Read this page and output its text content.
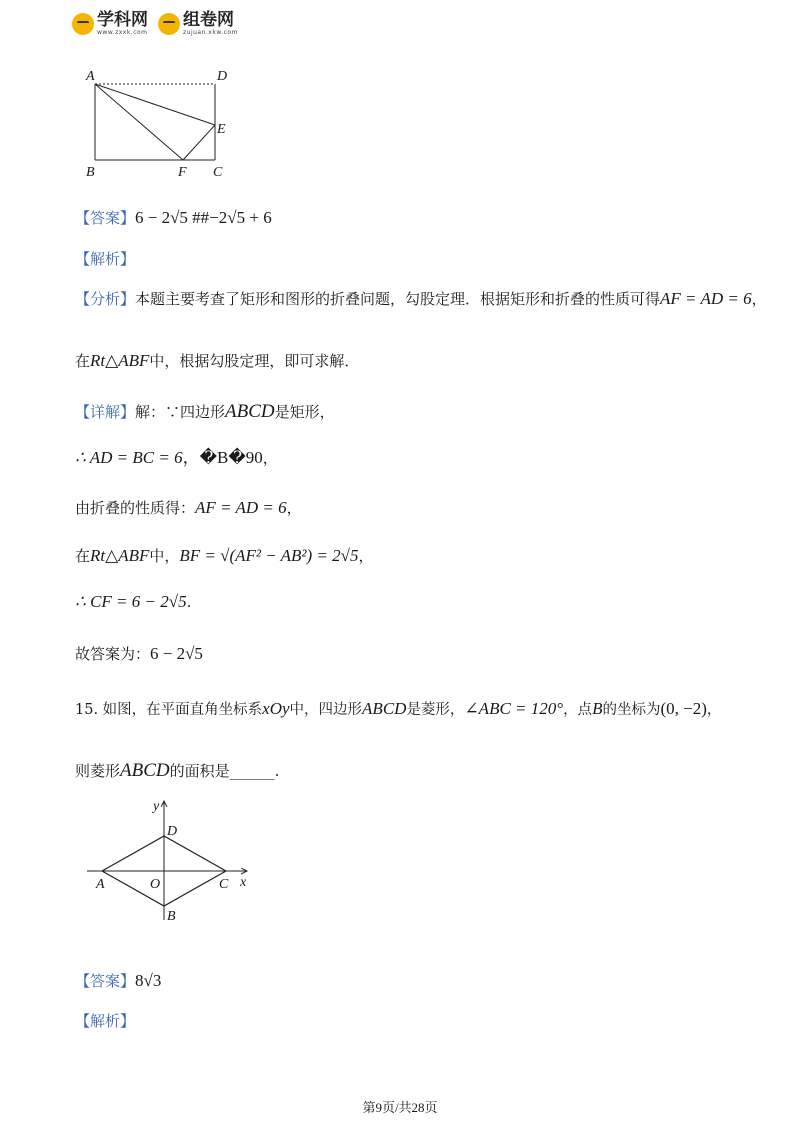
学科网
www.zxxk.com
组卷网
zujuan.xkw.com
A	D
E
B	F C
【答案】6 − 2√5 ##−2√5 + 6
【解析】
【分析】本题主要考查了矩形和图形的折叠问题，勾股定理．根据矩形和折叠的性质可得AF = AD = 6，
在Rt△ABF中，根据勾股定理，即可求解．
【详解】解：∵四边形ABCD是矩形，
∴ AD = BC = 6，�B�90，
由折叠的性质得：AF = AD = 6，
在Rt△ABF中，BF = √(AF² − AB²) = 2√5，
∴ CF = 6 − 2√5.
故答案为：6 − 2√5
15. 如图，在平面直角坐标系xOy中，四边形ABCD是菱形，∠ABC = 120°，点B的坐标为(0, −2)，
则菱形ABCD的面积是______.
y
D
A	O	C x
B
【答案】8√3
【解析】
第9页/共28页
